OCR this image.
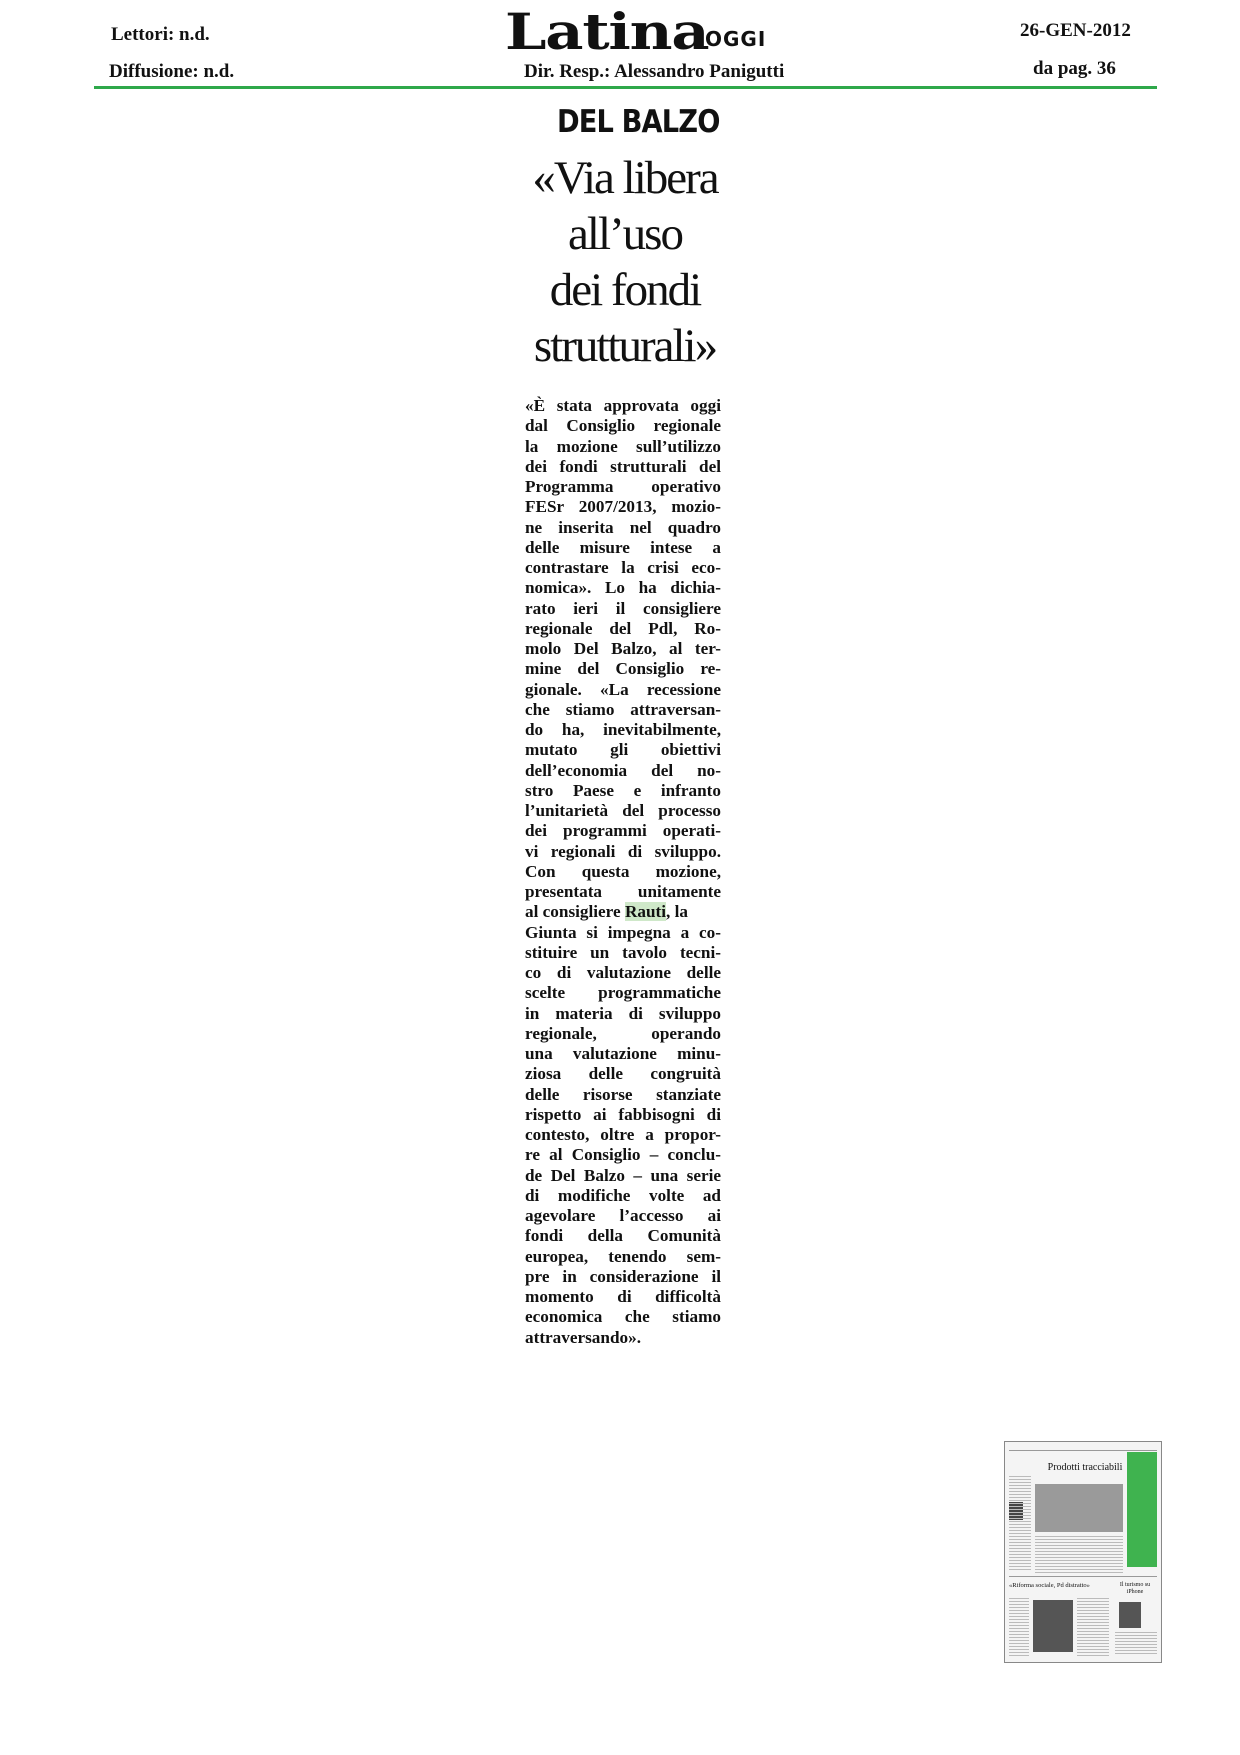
Lettori: n.d.
Diffusione: n.d.
Latina
OGGI
Dir. Resp.: Alessandro Panigutti
26-GEN-2012
da pag. 36
DEL BALZO
«Via libera
all’uso
dei fondi
strutturali»
«È stata approvata oggi
dal Consiglio regionale
la mozione sull’utilizzo
dei fondi strutturali del
Programma operativo
FESr 2007/2013, mozio-
ne inserita nel quadro
delle misure intese a
contrastare la crisi eco-
nomica». Lo ha dichia-
rato ieri il consigliere
regionale del Pdl, Ro-
molo Del Balzo, al ter-
mine del Consiglio re-
gionale. «La recessione
che stiamo attraversan-
do ha, inevitabilmente,
mutato gli obiettivi
dell’economia del no-
stro Paese e infranto
l’unitarietà del processo
dei programmi operati-
vi regionali di sviluppo.
Con questa mozione,
presentata unitamente
al consigliere Rauti, la
Giunta si impegna a co-
stituire un tavolo tecni-
co di valutazione delle
scelte programmatiche
in materia di sviluppo
regionale, operando
una valutazione minu-
ziosa delle congruità
delle risorse stanziate
rispetto ai fabbisogni di
contesto, oltre a propor-
re al Consiglio – conclu-
de Del Balzo – una serie
di modifiche volte ad
agevolare l’accesso ai
fondi della Comunità
europea, tenendo sem-
pre in considerazione il
momento di difficoltà
economica che stiamo
attraversando».
Prodotti tracciabili
«Riforma sociale, Pd distratto»	Il turismo su iPhone
